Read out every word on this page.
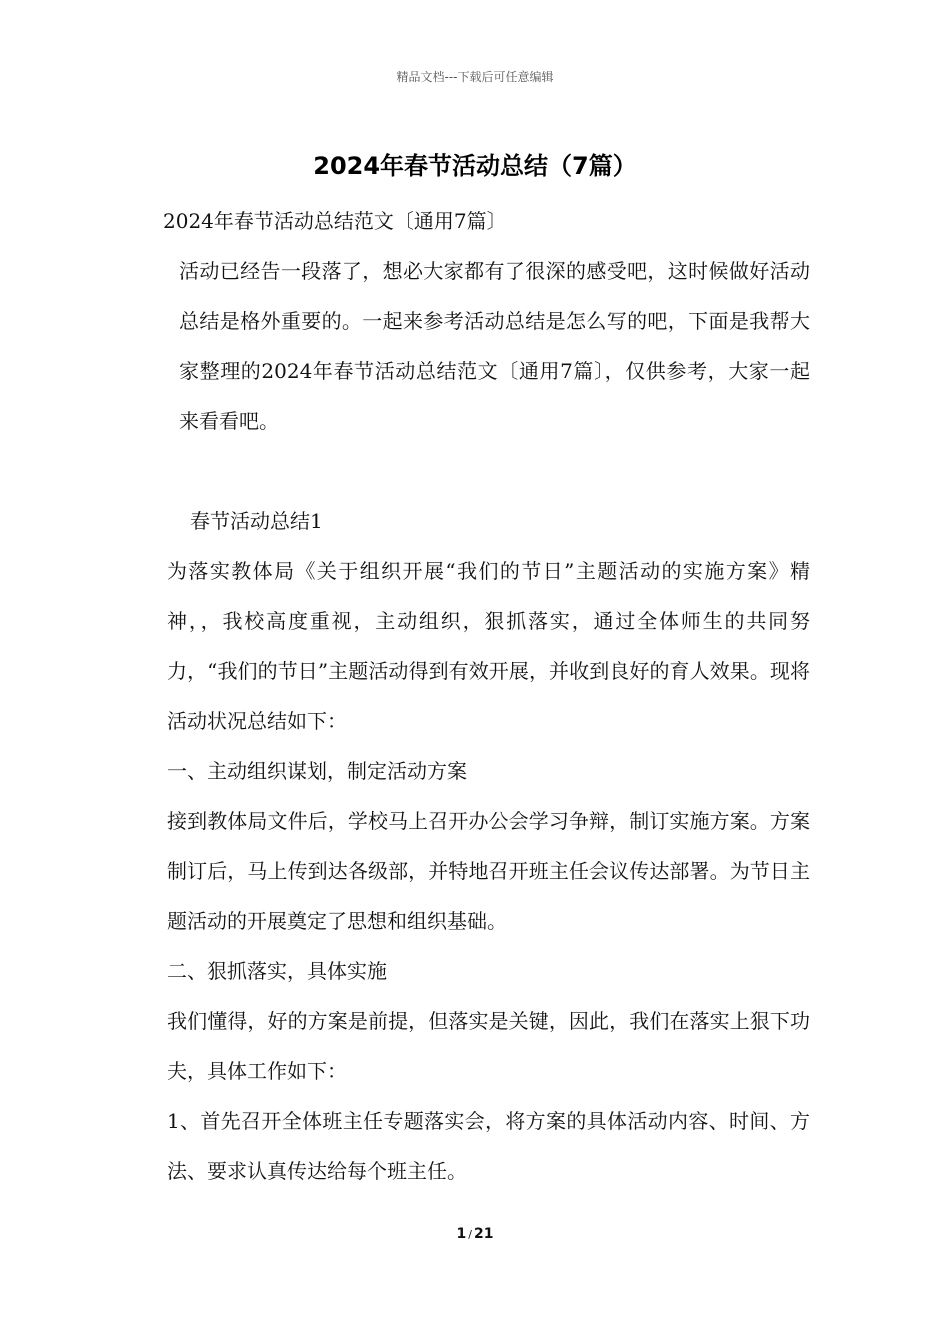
精品文档---下载后可任意编辑
2024年春节活动总结（7篇）

2024年春节活动总结范文〔通用7篇〕

活动已经告一段落了，想必大家都有了很深的感受吧，这时候做好活动总结是格外重要的。一起来参考活动总结是怎么写的吧，下面是我帮大家整理的2024年春节活动总结范文〔通用7篇〕，仅供参考，大家一起来看看吧。

春节活动总结1

为落实教体局《关于组织开展“我们的节日”主题活动的实施方案》精神，，我校高度重视，主动组织，狠抓落实，通过全体师生的共同努力，“我们的节日”主题活动得到有效开展，并收到良好的育人效果。现将活动状况总结如下：

一、主动组织谋划，制定活动方案

接到教体局文件后，学校马上召开办公会学习争辩，制订实施方案。方案制订后，马上传到达各级部，并特地召开班主任会议传达部署。为节日主题活动的开展奠定了思想和组织基础。

二、狠抓落实，具体实施

我们懂得，好的方案是前提，但落实是关键，因此，我们在落实上狠下功夫，具体工作如下：

1、首先召开全体班主任专题落实会，将方案的具体活动内容、时间、方法、要求认真传达给每个班主任。

1 / 21
